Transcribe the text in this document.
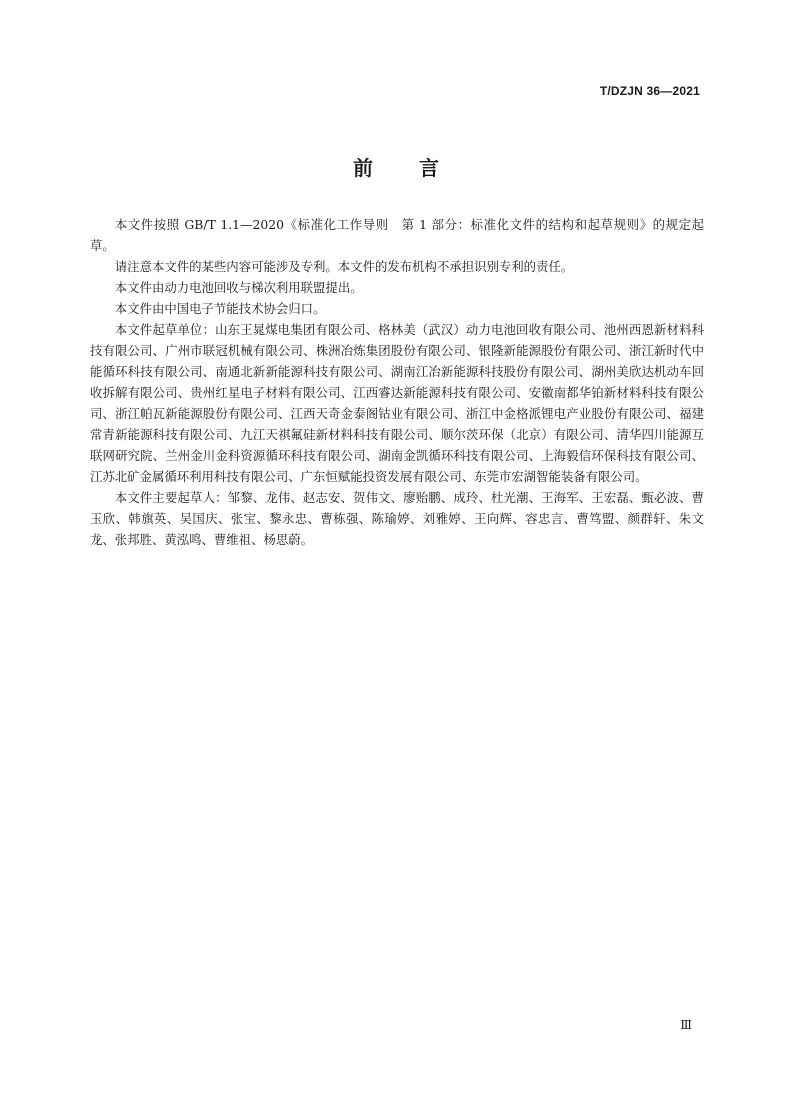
T/DZJN 36—2021
前言

本文件按照 GB/T 1.1—2020《标准化工作导则　第 1 部分：标准化文件的结构和起草规则》的规定起草。

请注意本文件的某些内容可能涉及专利。本文件的发布机构不承担识别专利的责任。

本文件由动力电池回收与梯次利用联盟提出。

本文件由中国电子节能技术协会归口。

本文件起草单位：山东王晁煤电集团有限公司、格林美（武汉）动力电池回收有限公司、池州西恩新材料科技有限公司、广州市联冠机械有限公司、株洲冶炼集团股份有限公司、银隆新能源股份有限公司、浙江新时代中能循环科技有限公司、南通北新新能源科技有限公司、湖南江冶新能源科技股份有限公司、湖州美欣达机动车回收拆解有限公司、贵州红星电子材料有限公司、江西睿达新能源科技有限公司、安徽南都华铂新材料科技有限公司、浙江帕瓦新能源股份有限公司、江西天奇金泰阁钴业有限公司、浙江中金格派锂电产业股份有限公司、福建常青新能源科技有限公司、九江天祺氟硅新材料科技有限公司、顺尔茨环保（北京）有限公司、清华四川能源互联网研究院、兰州金川金科资源循环科技有限公司、湖南金凯循环科技有限公司、上海毅信环保科技有限公司、江苏北矿金属循环利用科技有限公司、广东恒赋能投资发展有限公司、东莞市宏湖智能装备有限公司。

本文件主要起草人：邹黎、龙伟、赵志安、贺伟文、廖贻鹏、成玲、杜光潮、王海军、王宏磊、甄必波、曹玉欣、韩旗英、吴国庆、张宝、黎永忠、曹栋强、陈瑜婷、刘雅婷、王向辉、容忠言、曹笃盟、颜群轩、朱文龙、张邦胜、黄泓鸣、曹维祖、杨思蔚。

Ⅲ
